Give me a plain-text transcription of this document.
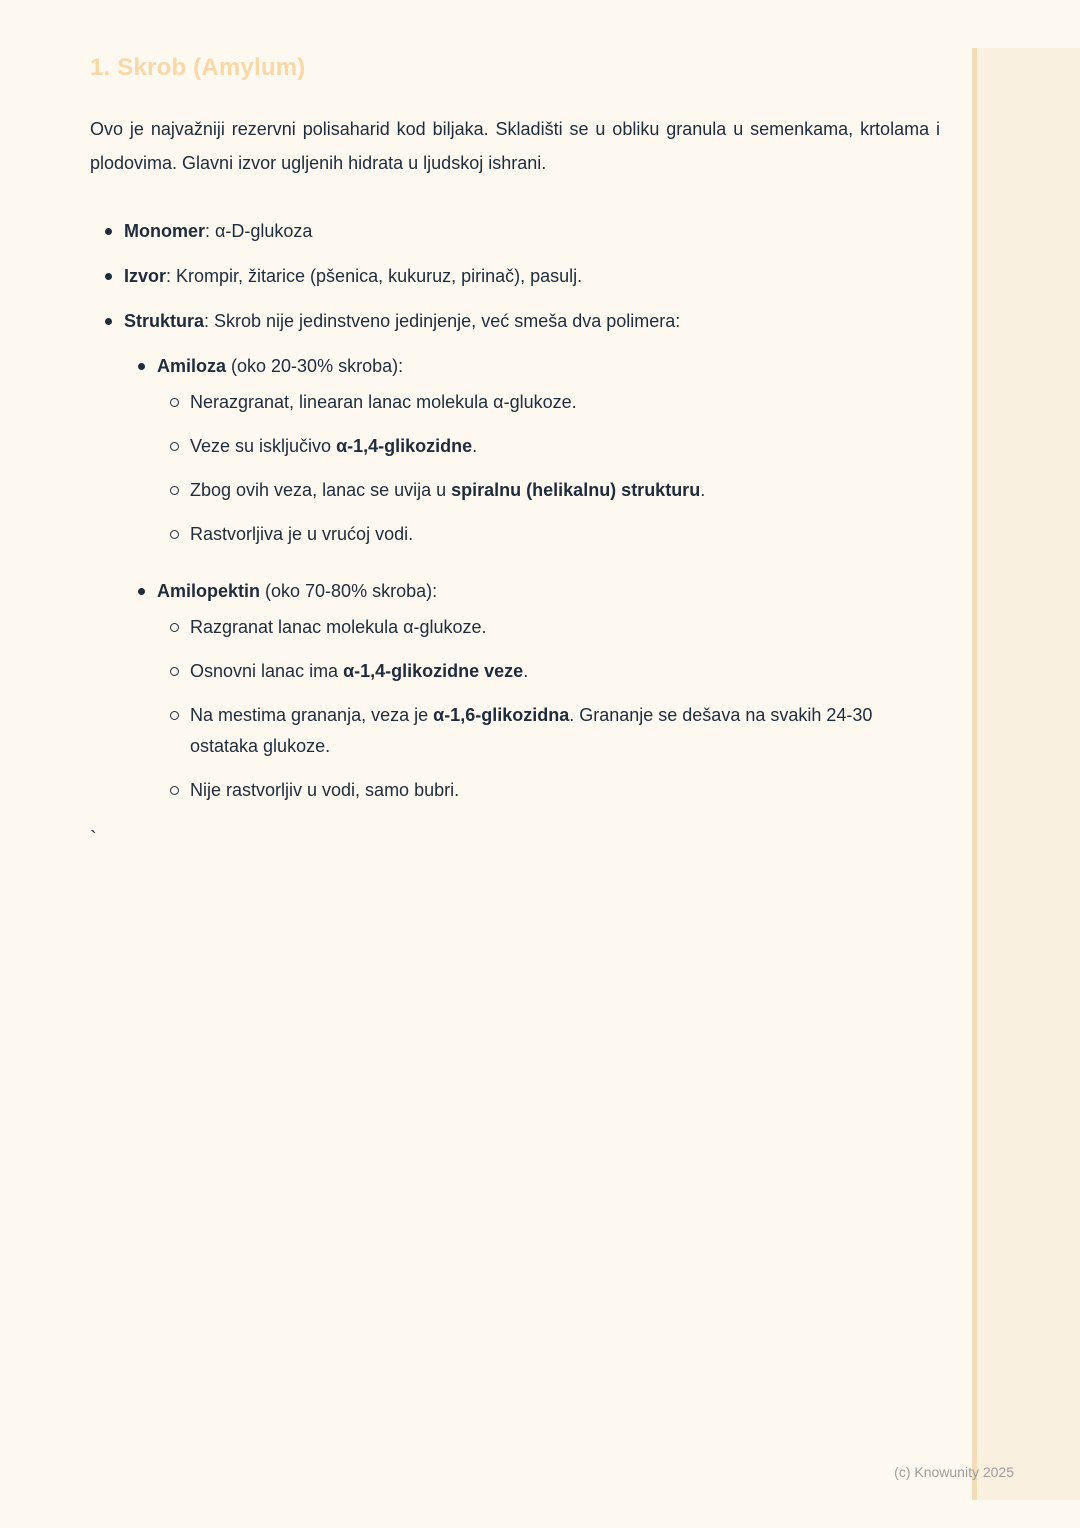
1. Skrob (Amylum)

Ovo je najvažniji rezervni polisaharid kod biljaka. Skladišti se u obliku granula u semenkama, krtolama i plodovima. Glavni izvor ugljenih hidrata u ljudskoj ishrani.

Monomer: α-D-glukoza
Izvor: Krompir, žitarice (pšenica, kukuruz, pirinač), pasulj.
Struktura: Skrob nije jedinstveno jedinjenje, već smeša dva polimera:
Amiloza (oko 20-30% skroba):
Nerazgranat, linearan lanac molekula α-glukoze.
Veze su isključivo α-1,4-glikozidne.
Zbog ovih veza, lanac se uvija u spiralnu (helikalnu) strukturu.
Rastvorljiva je u vrućoj vodi.
Amilopektin (oko 70-80% skroba):
Razgranat lanac molekula α-glukoze.
Osnovni lanac ima α-1,4-glikozidne veze.
Na mestima grananja, veza je α-1,6-glikozidna. Grananje se dešava na svakih 24-30 ostataka glukoze.
Nije rastvorljiv u vodi, samo bubri.
`
(c) Knowunity 2025
